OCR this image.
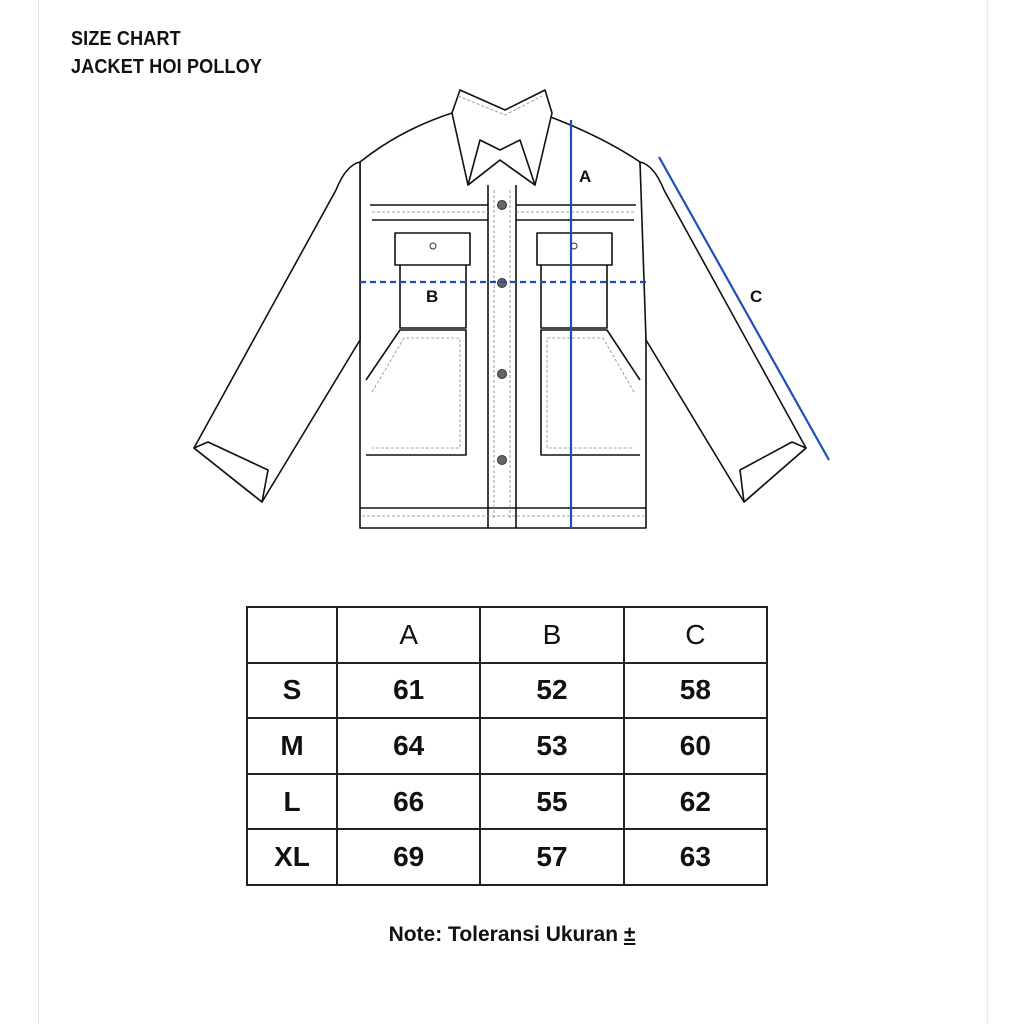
SIZE CHART
JACKET HOI POLLOY
A
B	C
	A	B	C
S	61	52	58
M	64	53	60
L	66	55	62
XL	69	57	63
Note: Toleransi Ukuran ±
